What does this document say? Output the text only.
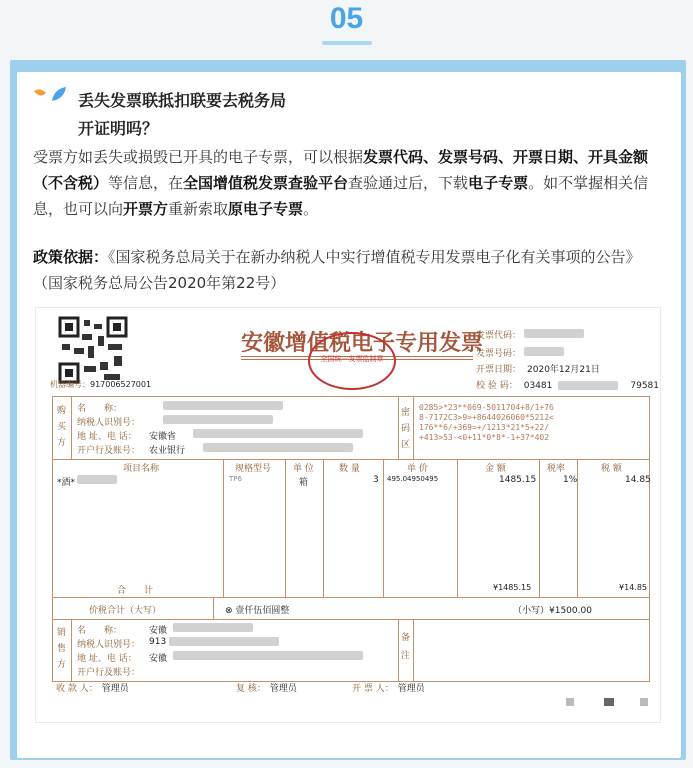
05
丢失发票联抵扣联要去税务局
开证明吗？
受票方如丢失或损毁已开具的电子专票，可以根据发票代码、发票号码、开票日期、开具金额（不含税）等信息，在全国增值税发票查验平台查验通过后，下载电子专票。如不掌握相关信息，也可以向开票方重新索取原电子专票。
政策依据：《国家税务总局关于在新办纳税人中实行增值税专用发票电子化有关事项的公告》（国家税务总局公告2020年第22号）
安徽增值税电子专用发票
全国统一发票监制章
发票代码：
发票号码：
开票日期： 2020年12月21日
校 验 码： 03481	79581
机器编号：917006527001
购买方
名　　称：
纳税人识别号：
地 址、电 话： 安徽省
开户行及账号： 农业银行
密码区
0285>*23**069-5011704+8/1+76
8-7172C3>9>+8644026060*5212<
176**6/+369=+/1213*21*5+22/
+413>53-<0+11*0*8*-1+37*402
项目名称	规格型号 单 位	数 量	单 价	金 额	税率	税 额
*酒*	TP6	箱	3 495.04950495	1485.15	1%	14.85
合　　计	¥1485.15	¥14.85
价税合计（大写）	⊗ 壹仟伍佰圆整	（小写）¥1500.00
销售方
名　　称：	安徽
纳税人识别号： 913
地 址、电 话： 安徽
开户行及账号：
备注
收 款 人： 管理员	复 核： 管理员	开 票 人： 管理员
